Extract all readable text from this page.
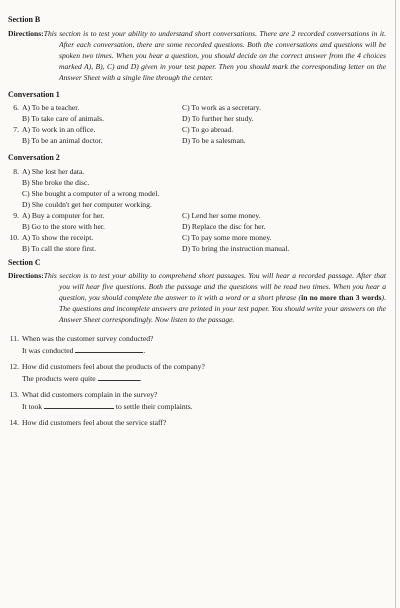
Section B
Directions:This section is to test your ability to understand short conversations. There are 2 recorded conversations in it. After each conversation, there are some recorded questions. Both the conversations and questions will be spoken two times. When you hear a question, you should decide on the correct answer from the 4 choices marked A), B), C) and D) given in your test paper. Then you should mark the corresponding letter on the Answer Sheet with a single line through the center.
Conversation 1
6. A) To be a teacher.	C) To work as a secretary.
B) To take care of animals.	D) To further her study.
7. A) To work in an office.	C) To go abroad.
B) To be an animal doctor.	D) To be a salesman.
Conversation 2
8. A) She lost her data.
B) She broke the disc.
C) She bought a computer of a wrong model.
D) She couldn't get her computer working.
9. A) Buy a computer for her.	C) Lend her some money.
B) Go to the store with her.	D) Replace the disc for her.
10. A) To show the receipt.	C) To pay some more money.
B) To call the store first.	D) To bring the instruction manual.
Section C
Directions:This section is to test your ability to comprehend short passages. You will hear a recorded passage. After that you will hear five questions. Both the passage and the questions will be read two times. When you hear a question, you should complete the answer to it with a word or a short phrase (in no more than 3 words). The questions and incomplete answers are printed in your test paper. You should write your answers on the Answer Sheet correspondingly. Now listen to the passage.
11. When was the customer survey conducted?
It was conducted	.
12. How did customers feel about the products of the company?
The products were quite	.
13. What did customers complain in the survey?
It took	to settle their complaints.
14. How did customers feel about the service staff?
